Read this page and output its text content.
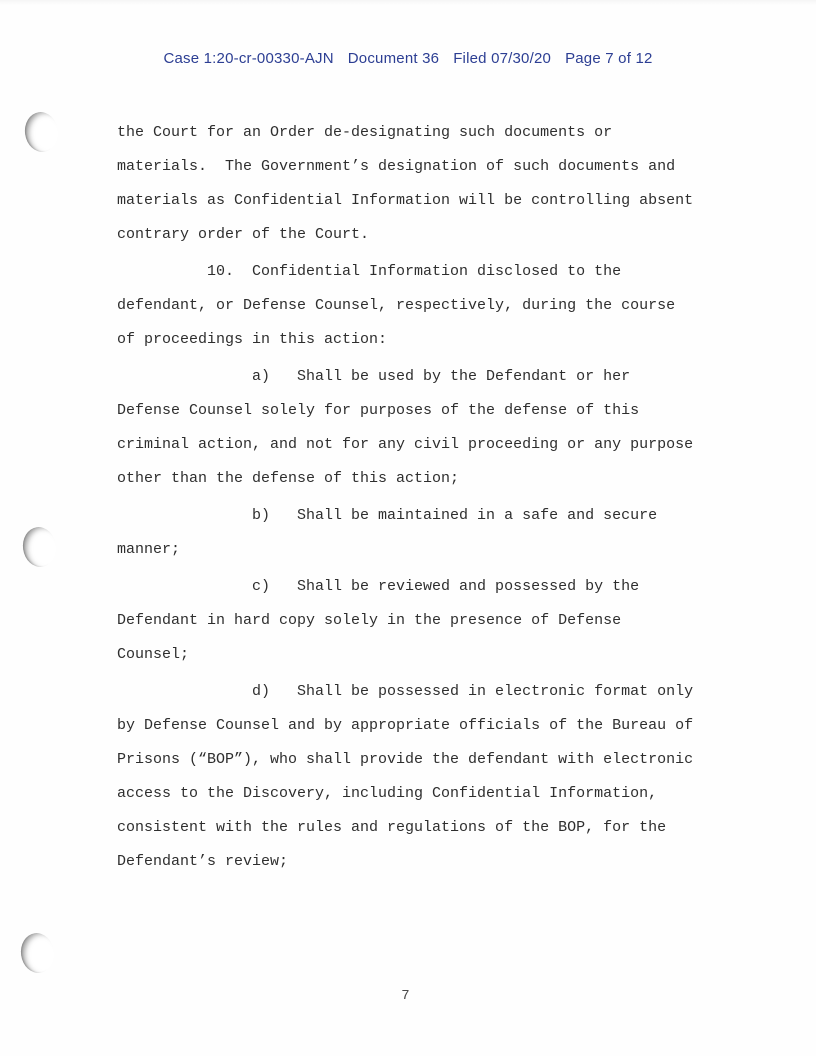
Case 1:20-cr-00330-AJN Document 36 Filed 07/30/20 Page 7 of 12
the Court for an Order de-designating such documents or
materials.  The Government’s designation of such documents and
materials as Confidential Information will be controlling absent
contrary order of the Court.
10.  Confidential Information disclosed to the
defendant, or Defense Counsel, respectively, during the course
of proceedings in this action:
a)   Shall be used by the Defendant or her
Defense Counsel solely for purposes of the defense of this
criminal action, and not for any civil proceeding or any purpose
other than the defense of this action;
b)   Shall be maintained in a safe and secure
manner;
c)   Shall be reviewed and possessed by the
Defendant in hard copy solely in the presence of Defense
Counsel;
d)   Shall be possessed in electronic format only
by Defense Counsel and by appropriate officials of the Bureau of
Prisons (“BOP”), who shall provide the defendant with electronic
access to the Discovery, including Confidential Information,
consistent with the rules and regulations of the BOP, for the
Defendant’s review;
7
